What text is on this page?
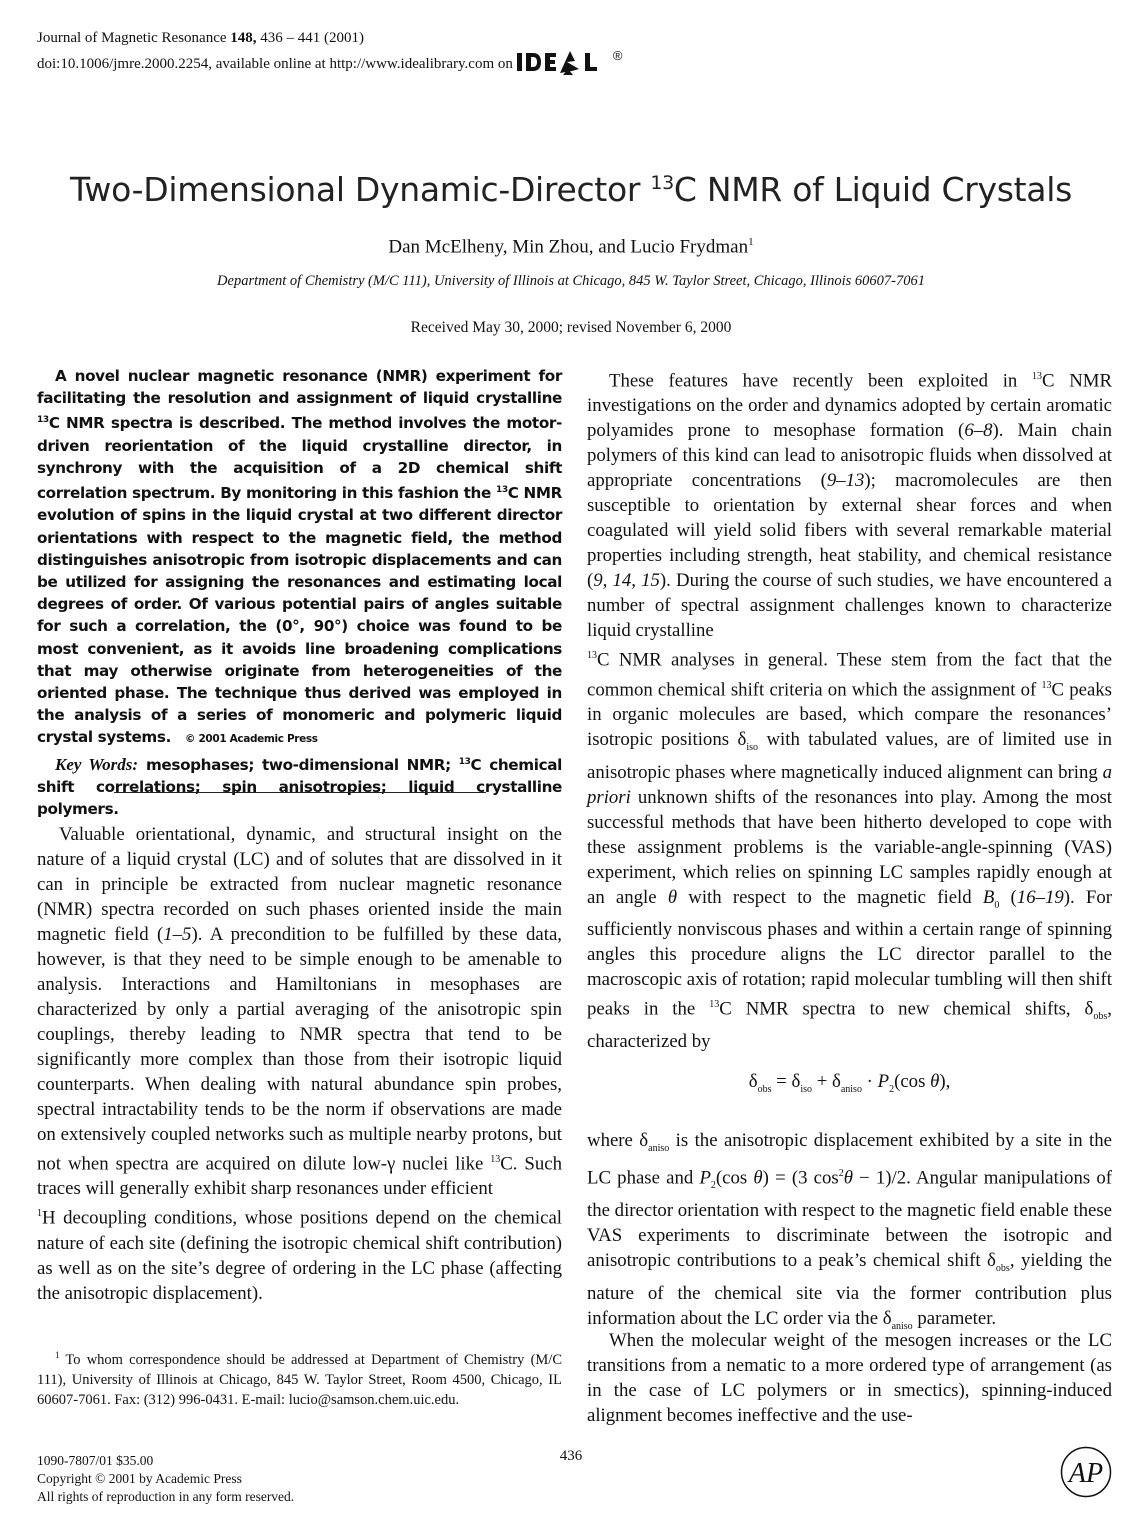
Journal of Magnetic Resonance 148, 436 – 441 (2001)
doi:10.1006/jmre.2000.2254, available online at http://www.idealibrary.com on	®
Two-Dimensional Dynamic-Director $^{13}$C NMR of Liquid Crystals
Dan McElheny, Min Zhou, and Lucio Frydman$^1$
Department of Chemistry (M/C 111), University of Illinois at Chicago, 845 W. Taylor Street, Chicago, Illinois 60607-7061
Received May 30, 2000; revised November 6, 2000

A novel nuclear magnetic resonance (NMR) experiment for facilitating the resolution and assignment of liquid crystalline $^{13}$C NMR spectra is described. The method involves the motor-driven reorientation of the liquid crystalline director, in synchrony with the acquisition of a 2D chemical shift correlation spectrum. By monitoring in this fashion the $^{13}$C NMR evolution of spins in the liquid crystal at two different director orientations with respect to the magnetic field, the method distinguishes anisotropic from isotropic displacements and can be utilized for assigning the resonances and estimating local degrees of order. Of various potential pairs of angles suitable for such a correlation, the (0°, 90°) choice was found to be most convenient, as it avoids line broadening complications that may otherwise originate from heterogeneities of the oriented phase. The technique thus derived was employed in the analysis of a series of monomeric and polymeric liquid crystal systems. © 2001 Academic Press

Key Words: mesophases; two-dimensional NMR; $^{13}$C chemical shift correlations; spin anisotropies; liquid crystalline polymers.

Valuable orientational, dynamic, and structural insight on the nature of a liquid crystal (LC) and of solutes that are dissolved in it can in principle be extracted from nuclear magnetic resonance (NMR) spectra recorded on such phases oriented inside the main magnetic field (1–5). A precondition to be fulfilled by these data, however, is that they need to be simple enough to be amenable to analysis. Interactions and Hamiltonians in mesophases are characterized by only a partial averaging of the anisotropic spin couplings, thereby leading to NMR spectra that tend to be significantly more complex than those from their isotropic liquid counterparts. When dealing with natural abundance spin probes, spectral intractability tends to be the norm if observations are made on extensively coupled networks such as multiple nearby protons, but not when spectra are acquired on dilute low-γ nuclei like $^{13}$C. Such traces will generally exhibit sharp resonances under efficient
$^1$H decoupling conditions, whose positions depend on the chemical nature of each site (defining the isotropic chemical shift contribution) as well as on the site’s degree of ordering in the LC phase (affecting the anisotropic displacement).

$^1$ To whom correspondence should be addressed at Department of Chemistry (M/C 111), University of Illinois at Chicago, 845 W. Taylor Street, Room 4500, Chicago, IL 60607-7061. Fax: (312) 996-0431. E-mail: lucio@samson.chem.uic.edu.

These features have recently been exploited in $^{13}$C NMR investigations on the order and dynamics adopted by certain aromatic polyamides prone to mesophase formation (6–8). Main chain polymers of this kind can lead to anisotropic fluids when dissolved at appropriate concentrations (9–13); macromolecules are then susceptible to orientation by external shear forces and when coagulated will yield solid fibers with several remarkable material properties including strength, heat stability, and chemical resistance (9, 14, 15). During the course of such studies, we have encountered a number of spectral assignment challenges known to characterize liquid crystalline
$^{13}$C NMR analyses in general. These stem from the fact that the common chemical shift criteria on which the assignment of $^{13}$C peaks in organic molecules are based, which compare the resonances’ isotropic positions $\delta_{iso}$ with tabulated values, are of limited use in anisotropic phases where magnetically induced alignment can bring a priori unknown shifts of the resonances into play. Among the most successful methods that have been hitherto developed to cope with these assignment problems is the variable-angle-spinning (VAS) experiment, which relies on spinning LC samples rapidly enough at an angle θ with respect to the magnetic field $B_0$ (16–19). For sufficiently nonviscous phases and within a certain range of spinning angles this procedure aligns the LC director parallel to the macroscopic axis of rotation; rapid molecular tumbling will then shift peaks in the $^{13}$C NMR spectra to new chemical shifts, $\delta_{obs}$, characterized by

$\delta_{obs} = \delta_{iso} + \delta_{aniso} \cdot P_2(\cos$ θ),

where $\delta_{aniso}$ is the anisotropic displacement exhibited by a site in the LC phase and $P_2(\cos$ θ) = (3 $\cos^2\theta - 1)/2$. Angular manipulations of the director orientation with respect to the magnetic field enable these VAS experiments to discriminate between the isotropic and anisotropic contributions to a peak’s chemical shift $\delta_{obs}$, yielding the nature of the chemical site via the former contribution plus information about the LC order via the $\delta_{aniso}$ parameter.

When the molecular weight of the mesogen increases or the LC transitions from a nematic to a more ordered type of arrangement (as in the case of LC polymers or in smectics), spinning-induced alignment becomes ineffective and the use-

436
1090-7807/01 $35.00
Copyright © 2001 by Academic Press
All rights of reproduction in any form reserved.
AP
